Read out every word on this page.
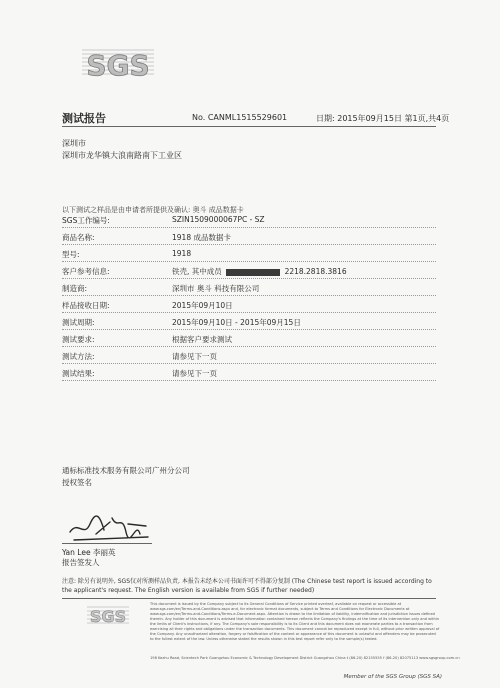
SGS
测试报告	No. CANML1515529601	日期: 2015年09月15日 第1页,共4页
深圳市
深圳市龙华镇大浪南路南下工业区
以下测试之样品是由申请者所提供及确认: 奥斗 成品数据卡
SGS工作编号:	SZIN1509000067PC - SZ
商品名称:	1918 成品数据卡
型号:	1918
客户参考信息:	铁壳, 其中成员	2218.2818.3816
制造商:	深圳市 奥斗 科技有限公司
样品接收日期:	2015年09月10日
测试周期:	2015年09月10日 - 2015年09月15日
测试要求:	根据客户要求测试
测试方法:	请参见下一页
测试结果:	请参见下一页
通标标准技术服务有限公司广州分公司
授权签名
Yan Lee 李丽英
报告签发人
注意: 除另有说明外, SGS仅对所测样品负责, 本报告未经本公司书面许可不得部分复制 (The Chinese test report is issued according to the applicant's request. The English version is available from SGS if further needed)
SGS
This document is issued by the Company subject to its General Conditions of Service printed overleaf, available on request or accessible at www.sgs.com/en/Terms-and-Conditions.aspx and, for electronic format documents, subject to Terms and Conditions for Electronic Documents at www.sgs.com/en/Terms-and-Conditions/Terms-e-Document.aspx. Attention is drawn to the limitation of liability, indemnification and jurisdiction issues defined therein. Any holder of this document is advised that information contained hereon reflects the Company's findings at the time of its intervention only and within the limits of Client's instructions, if any. The Company's sole responsibility is to its Client and this document does not exonerate parties to a transaction from exercising all their rights and obligations under the transaction documents. This document cannot be reproduced except in full, without prior written approval of the Company. Any unauthorized alteration, forgery or falsification of the content or appearance of this document is unlawful and offenders may be prosecuted to the fullest extent of the law. Unless otherwise stated the results shown in this test report refer only to the sample(s) tested.
198 Kezhu Road, Scientech Park Guangzhou Economic & Technology Development District Guangzhou China t (86-20) 82155555 f (86-20) 82075113 www.sgsgroup.com.cn
Member of the SGS Group (SGS SA)
